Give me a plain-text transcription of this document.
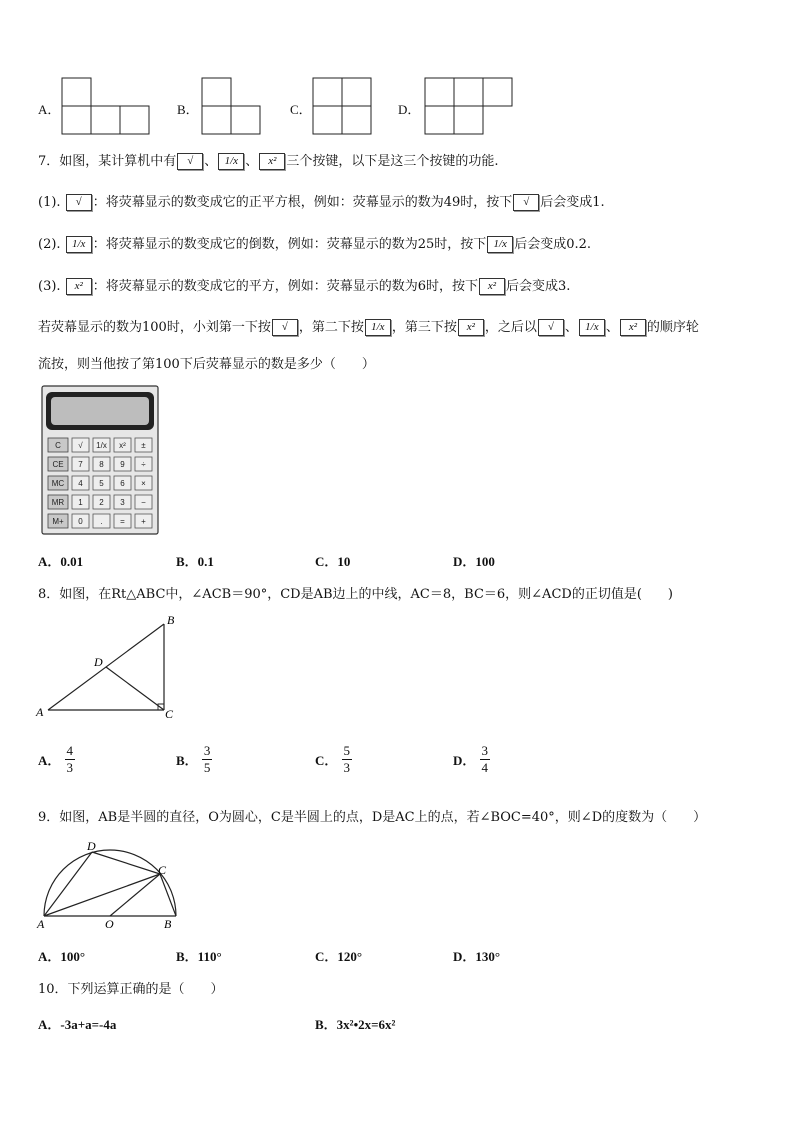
A．	B．	C．	D．
7．如图，某计算机中有 √ 、 1/x 、 x² 三个按键，以下是这三个按键的功能.
(1). √ ：将荧幕显示的数变成它的正平方根，例如：荧幕显示的数为49时，按下 √ 后会变成1.
(2). 1/x ：将荧幕显示的数变成它的倒数，例如：荧幕显示的数为25时，按下 1/x 后会变成0.2.
(3). x² ：将荧幕显示的数变成它的平方，例如：荧幕显示的数为6时，按下 x² 后会变成3.
若荧幕显示的数为100时，小刘第一下按 √ ，第二下按 1/x ，第三下按 x² ，之后以 √ 、 1/x 、 x² 的顺序轮
流按，则当他按了第100下后荧幕显示的数是多少（　　）
C √ 1/x x² ±
CE 7 8 9 ÷
MC 4 5 6 ×
MR 1 2 3 −
M+ 0 . = +
A．0.01	B．0.1	C．10	D．100
8．如图，在Rt△ABC中，∠ACB＝90°，CD是AB边上的中线，AC＝8，BC＝6，则∠ACD的正切值是(　　)
A
B
C
D
A． $\frac{4}{3}$	B． $\frac{3}{5}$	C． $\frac{5}{3}$	D． $\frac{3}{4}$
9．如图，AB是半圆的直径，O为圆心，C是半圆上的点，D是AC上的点，若∠BOC=40°，则∠D的度数为（　　）
A	B
C
D
O
A．100°	B．110°	C．120°	D．130°
10．下列运算正确的是（　　）
A．-3a+a=-4a	B．3x²•2x=6x²
